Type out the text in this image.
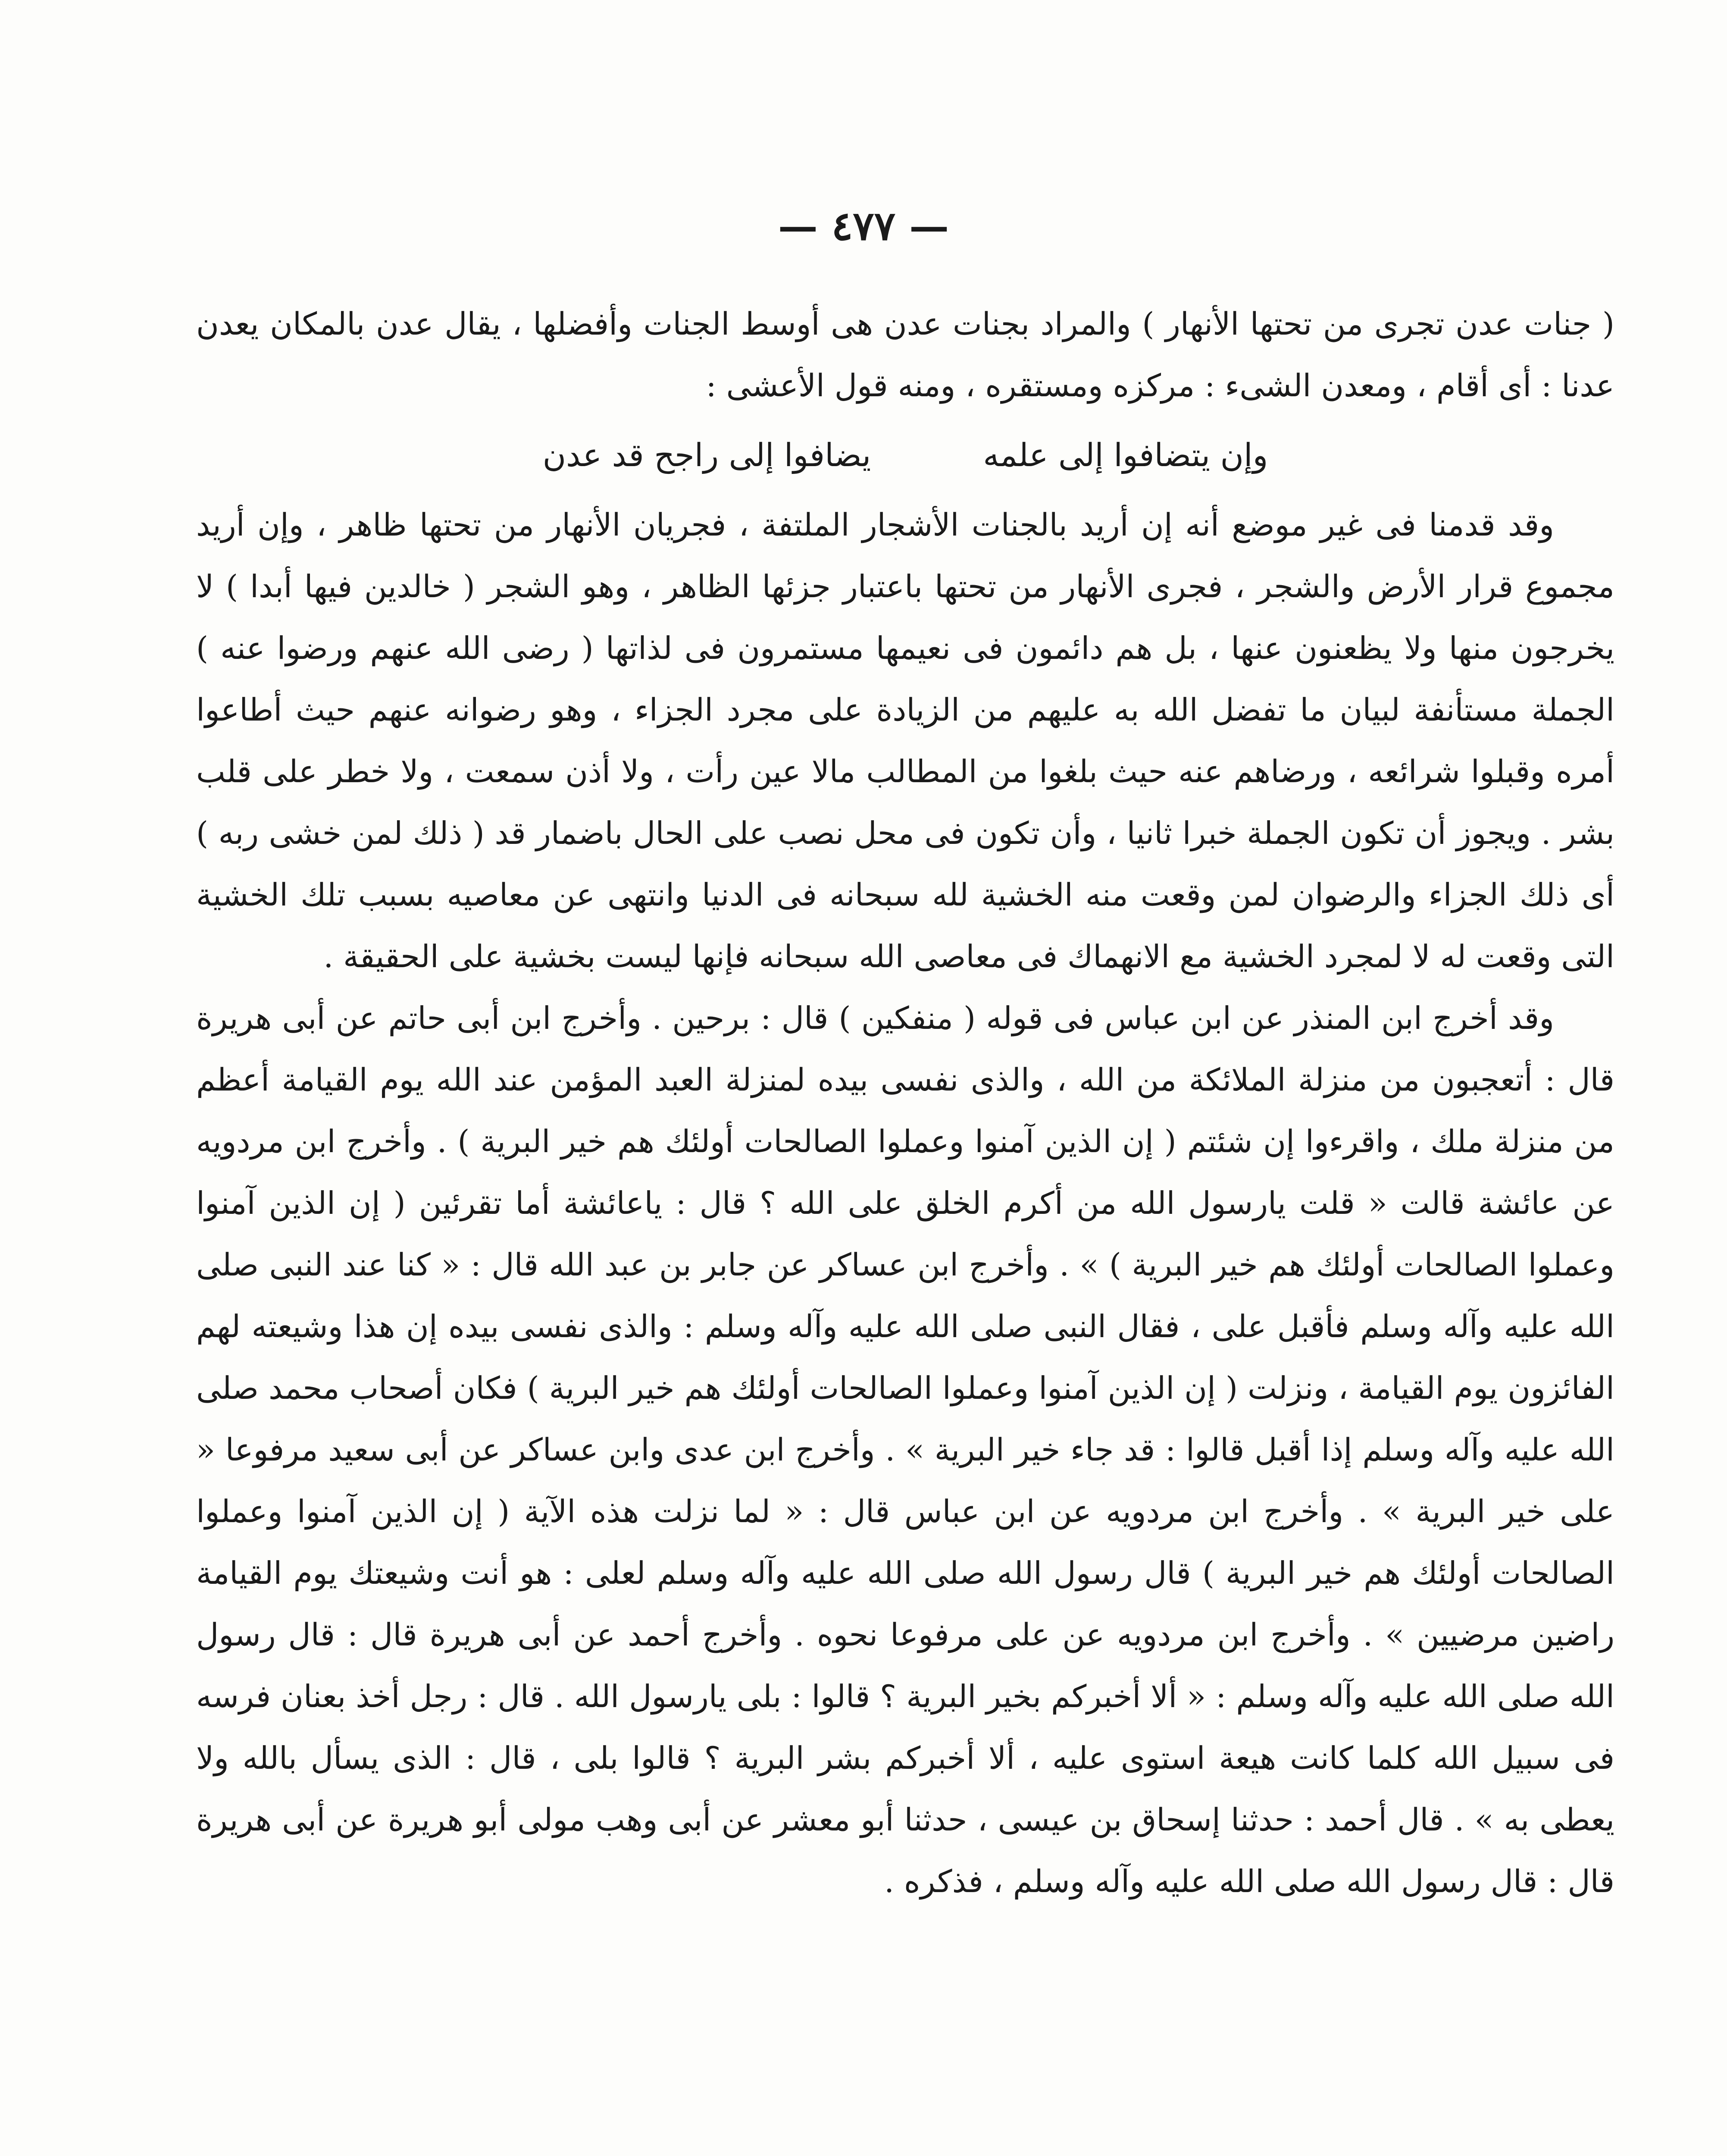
— ٤٧٧ —

( جنات عدن تجرى من تحتها الأنهار ) والمراد بجنات عدن هى أوسط الجنات وأفضلها ، يقال عدن بالمكان يعدن عدنا : أى أقام ، ومعدن الشىء : مركزه ومستقره ، ومنه قول الأعشى :

وإن يتضافوا إلى علمه
يضافوا إلى راجح قد عدن

وقد قدمنا فى غير موضع أنه إن أريد بالجنات الأشجار الملتفة ، فجريان الأنهار من تحتها ظاهر ، وإن أريد مجموع قرار الأرض والشجر ، فجرى الأنهار من تحتها باعتبار جزئها الظاهر ، وهو الشجر ( خالدين فيها أبدا ) لا يخرجون منها ولا يظعنون عنها ، بل هم دائمون فى نعيمها مستمرون فى لذاتها ( رضى الله عنهم ورضوا عنه ) الجملة مستأنفة لبيان ما تفضل الله به عليهم من الزيادة على مجرد الجزاء ، وهو رضوانه عنهم حيث أطاعوا أمره وقبلوا شرائعه ، ورضاهم عنه حيث بلغوا من المطالب مالا عين رأت ، ولا أذن سمعت ، ولا خطر على قلب بشر . ويجوز أن تكون الجملة خبرا ثانيا ، وأن تكون فى محل نصب على الحال باضمار قد ( ذلك لمن خشى ربه ) أى ذلك الجزاء والرضوان لمن وقعت منه الخشية لله سبحانه فى الدنيا وانتهى عن معاصيه بسبب تلك الخشية التى وقعت له لا لمجرد الخشية مع الانهماك فى معاصى الله سبحانه فإنها ليست بخشية على الحقيقة .

وقد أخرج ابن المنذر عن ابن عباس فى قوله ( منفكين ) قال : برحين . وأخرج ابن أبى حاتم عن أبى هريرة قال : أتعجبون من منزلة الملائكة من الله ، والذى نفسى بيده لمنزلة العبد المؤمن عند الله يوم القيامة أعظم من منزلة ملك ، واقرءوا إن شئتم ( إن الذين آمنوا وعملوا الصالحات أولئك هم خير البرية ) . وأخرج ابن مردويه عن عائشة قالت « قلت يارسول الله من أكرم الخلق على الله ؟ قال : ياعائشة أما تقرئين ( إن الذين آمنوا وعملوا الصالحات أولئك هم خير البرية ) » . وأخرج ابن عساكر عن جابر بن عبد الله قال : « كنا عند النبى صلى الله عليه وآله وسلم فأقبل على ، فقال النبى صلى الله عليه وآله وسلم : والذى نفسى بيده إن هذا وشيعته لهم الفائزون يوم القيامة ، ونزلت ( إن الذين آمنوا وعملوا الصالحات أولئك هم خير البرية ) فكان أصحاب محمد صلى الله عليه وآله وسلم إذا أقبل قالوا : قد جاء خير البرية » . وأخرج ابن عدى وابن عساكر عن أبى سعيد مرفوعا « على خير البرية » . وأخرج ابن مردويه عن ابن عباس قال : « لما نزلت هذه الآية ( إن الذين آمنوا وعملوا الصالحات أولئك هم خير البرية ) قال رسول الله صلى الله عليه وآله وسلم لعلى : هو أنت وشيعتك يوم القيامة راضين مرضيين » . وأخرج ابن مردويه عن على مرفوعا نحوه . وأخرج أحمد عن أبى هريرة قال : قال رسول الله صلى الله عليه وآله وسلم : « ألا أخبركم بخير البرية ؟ قالوا : بلى يارسول الله . قال : رجل أخذ بعنان فرسه فى سبيل الله كلما كانت هيعة استوى عليه ، ألا أخبركم بشر البرية ؟ قالوا بلى ، قال : الذى يسأل بالله ولا يعطى به » . قال أحمد : حدثنا إسحاق بن عيسى ، حدثنا أبو معشر عن أبى وهب مولى أبو هريرة عن أبى هريرة قال : قال رسول الله صلى الله عليه وآله وسلم ، فذكره .
